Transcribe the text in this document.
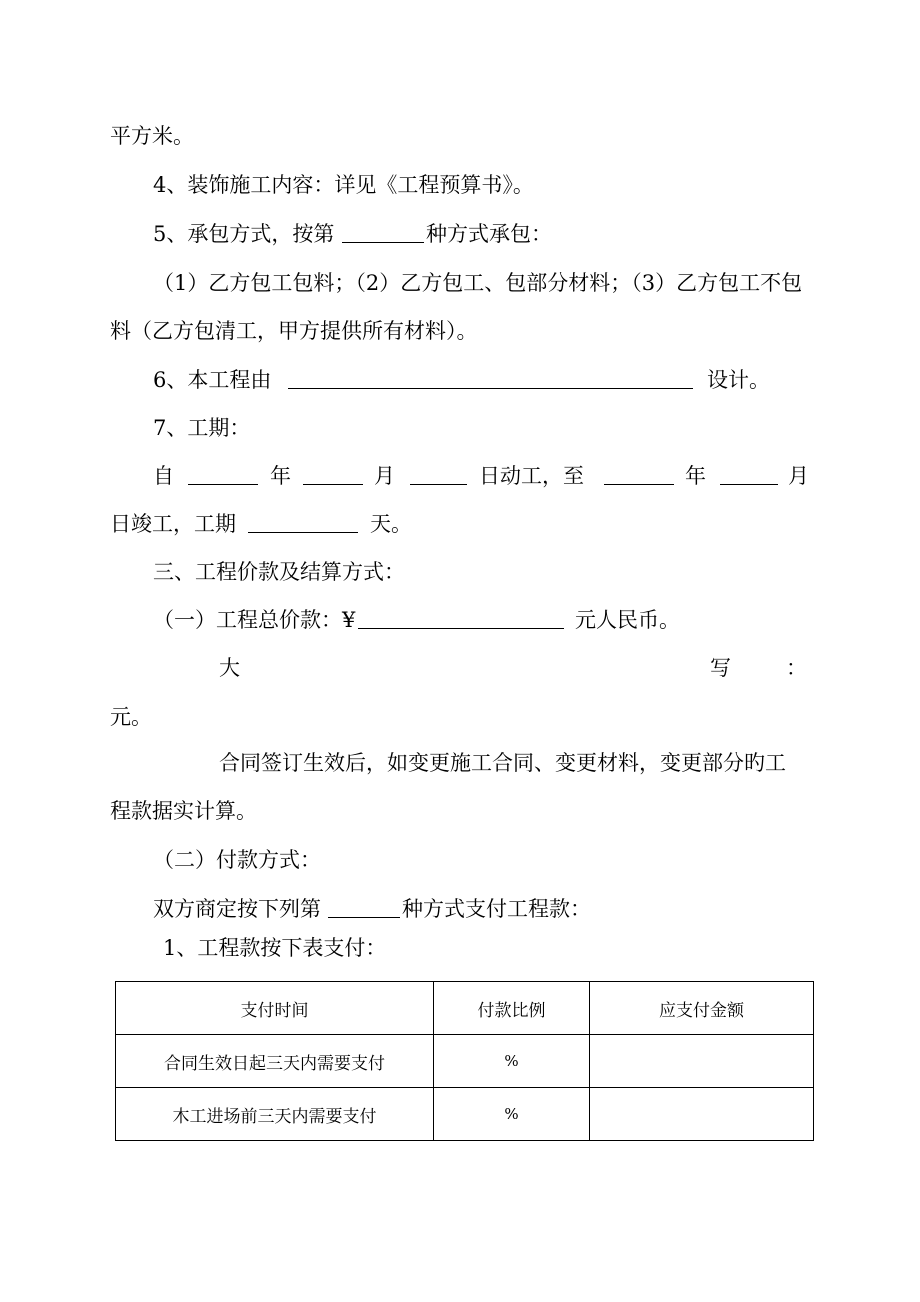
平方米。
4、装饰施工内容：详见《工程预算书》。
5、承包方式，按第	种方式承包：
（1）乙方包工包料；（2）乙方包工、包部分材料；（3）乙方包工不包
料（乙方包清工，甲方提供所有材料）。
6、本工程由	设计。
7、工期：
自	年	月	日动工，至	年	月
日竣工，工期	天。
三、工程价款及结算方式：
（一）工程总价款：¥	元人民币。
大	写	：
元。
合同签订生效后，如变更施工合同、变更材料，变更部分旳工
程款据实计算。
（二）付款方式：
双方商定按下列第	种方式支付工程款：
1、工程款按下表支付：
支付时间	付款比例	应支付金额
合同生效日起三天内需要支付	%	
木工进场前三天内需要支付	%	
